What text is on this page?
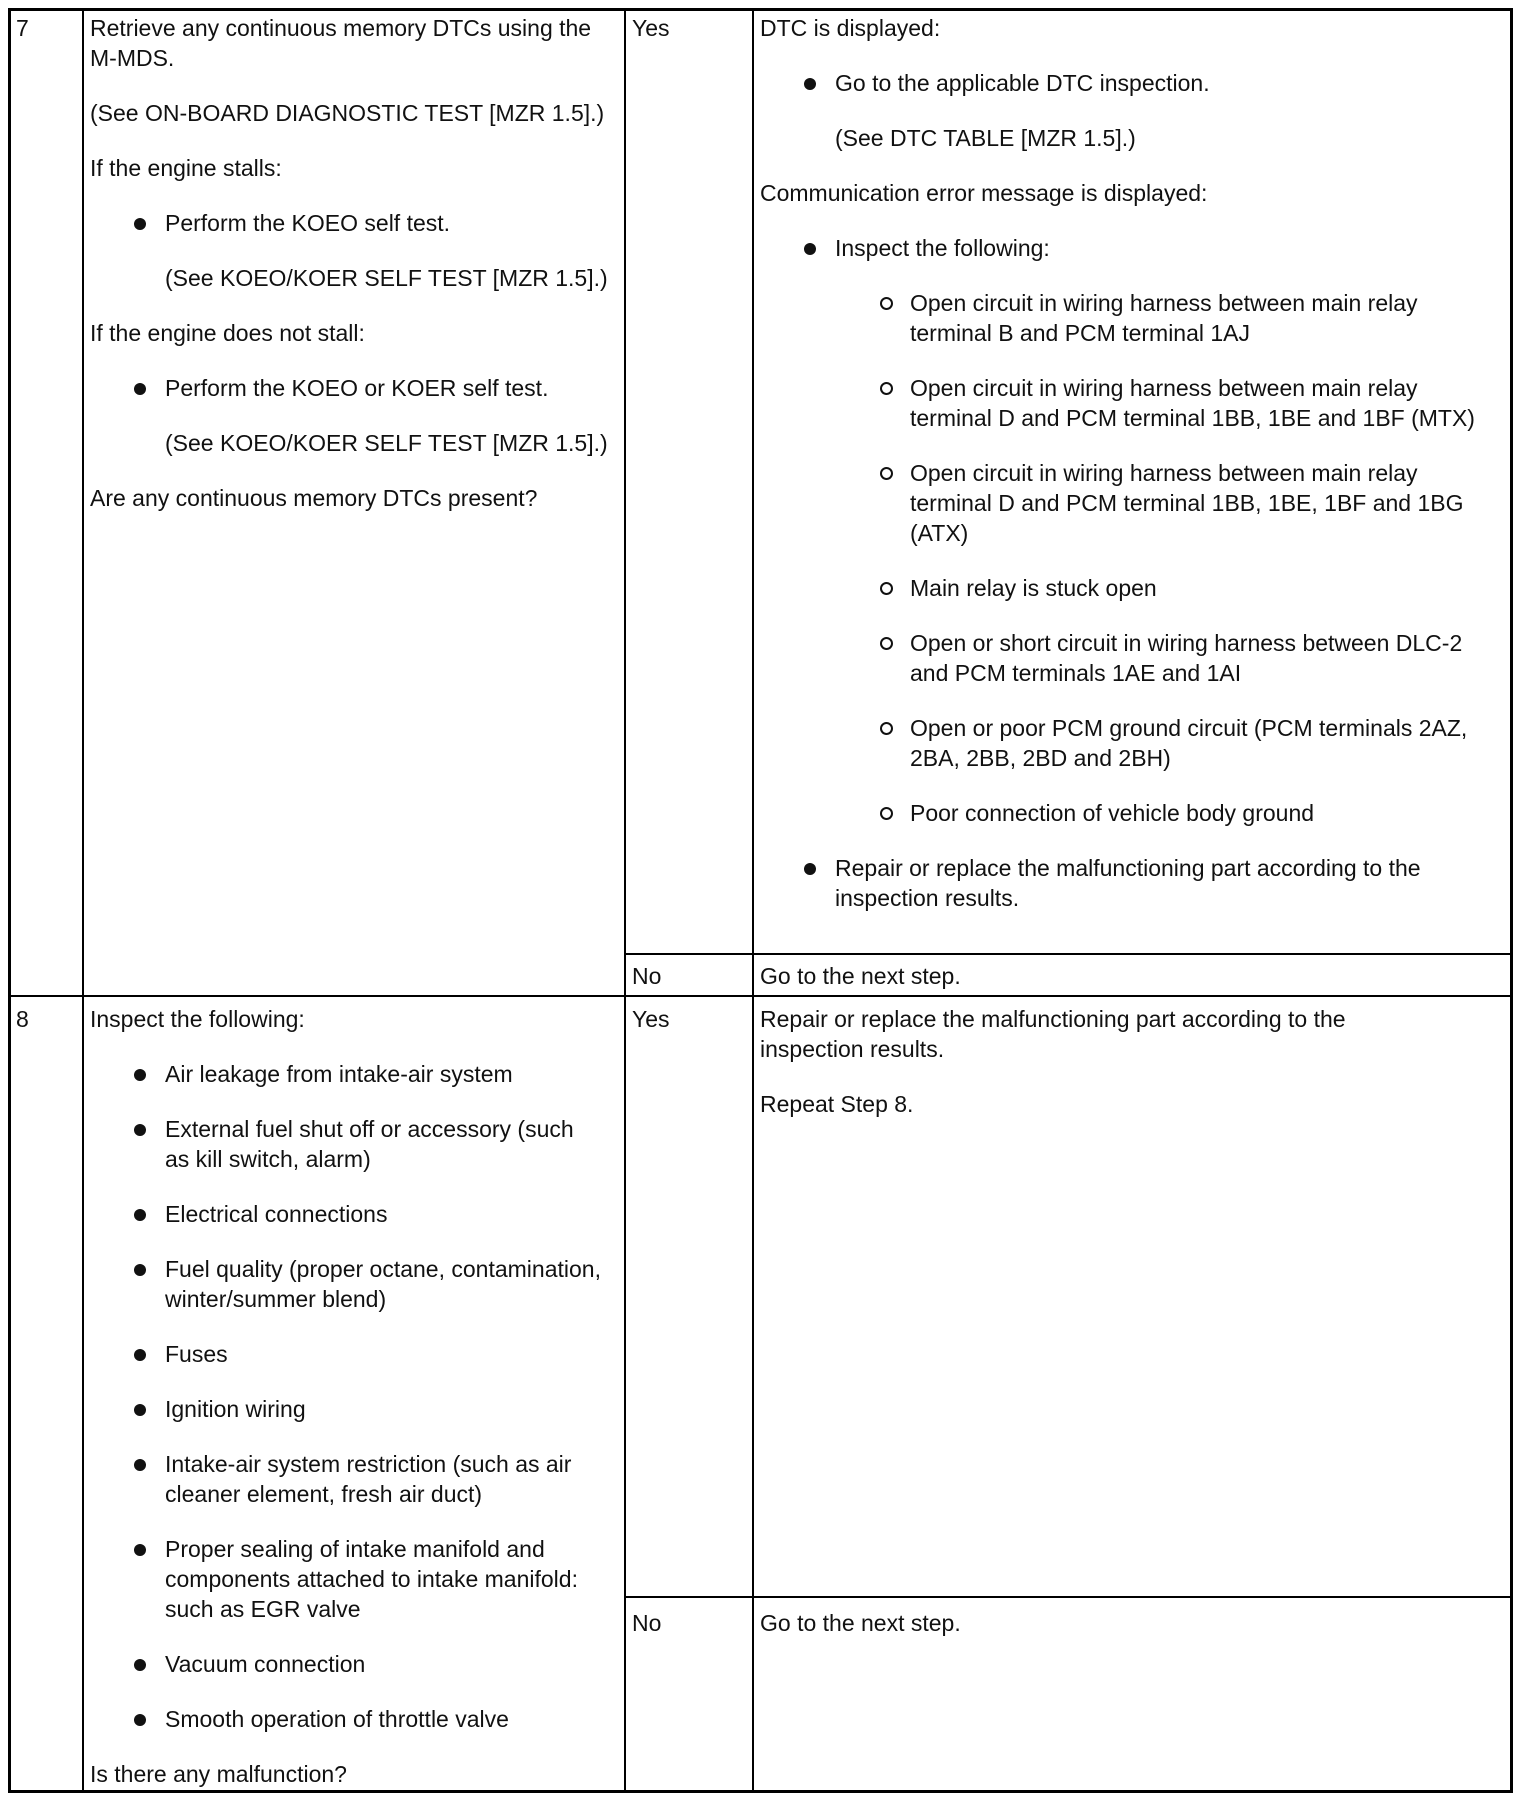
7	Retrieve any continuous memory DTCs using the M-MDS.

(See ON-BOARD DIAGNOSTIC TEST [MZR 1.5].)

If the engine stalls:

Perform the KOEO self test.
(See KOEO/KOER SELF TEST [MZR 1.5].)

If the engine does not stall:

Perform the KOEO or KOER self test.
(See KOEO/KOER SELF TEST [MZR 1.5].)

Are any continuous memory DTCs present?

Yes	DTC is displayed:

Go to the applicable DTC inspection.
(See DTC TABLE [MZR 1.5].)

Communication error message is displayed:

Inspect the following:
Open circuit in wiring harness between main relay terminal B and PCM terminal 1AJ
Open circuit in wiring harness between main relay terminal D and PCM terminal 1BB, 1BE and 1BF (MTX)
Open circuit in wiring harness between main relay terminal D and PCM terminal 1BB, 1BE, 1BF and 1BG (ATX)
Main relay is stuck open
Open or short circuit in wiring harness between DLC-2 and PCM terminals 1AE and 1AI
Open or poor PCM ground circuit (PCM terminals 2AZ, 2BA, 2BB, 2BD and 2BH)
Poor connection of vehicle body ground
Repair or replace the malfunctioning part according to the inspection results.
No	Go to the next step.
8	Inspect the following:

Air leakage from intake-air system
External fuel shut off or accessory (such as kill switch, alarm)
Electrical connections
Fuel quality (proper octane, contamination, winter/summer blend)
Fuses
Ignition wiring
Intake-air system restriction (such as air cleaner element, fresh air duct)
Proper sealing of intake manifold and components attached to intake manifold: such as EGR valve
Vacuum connection
Smooth operation of throttle valve

Is there any malfunction?

Yes	Repair or replace the malfunctioning part according to the inspection results.

Repeat Step 8.

No	Go to the next step.
